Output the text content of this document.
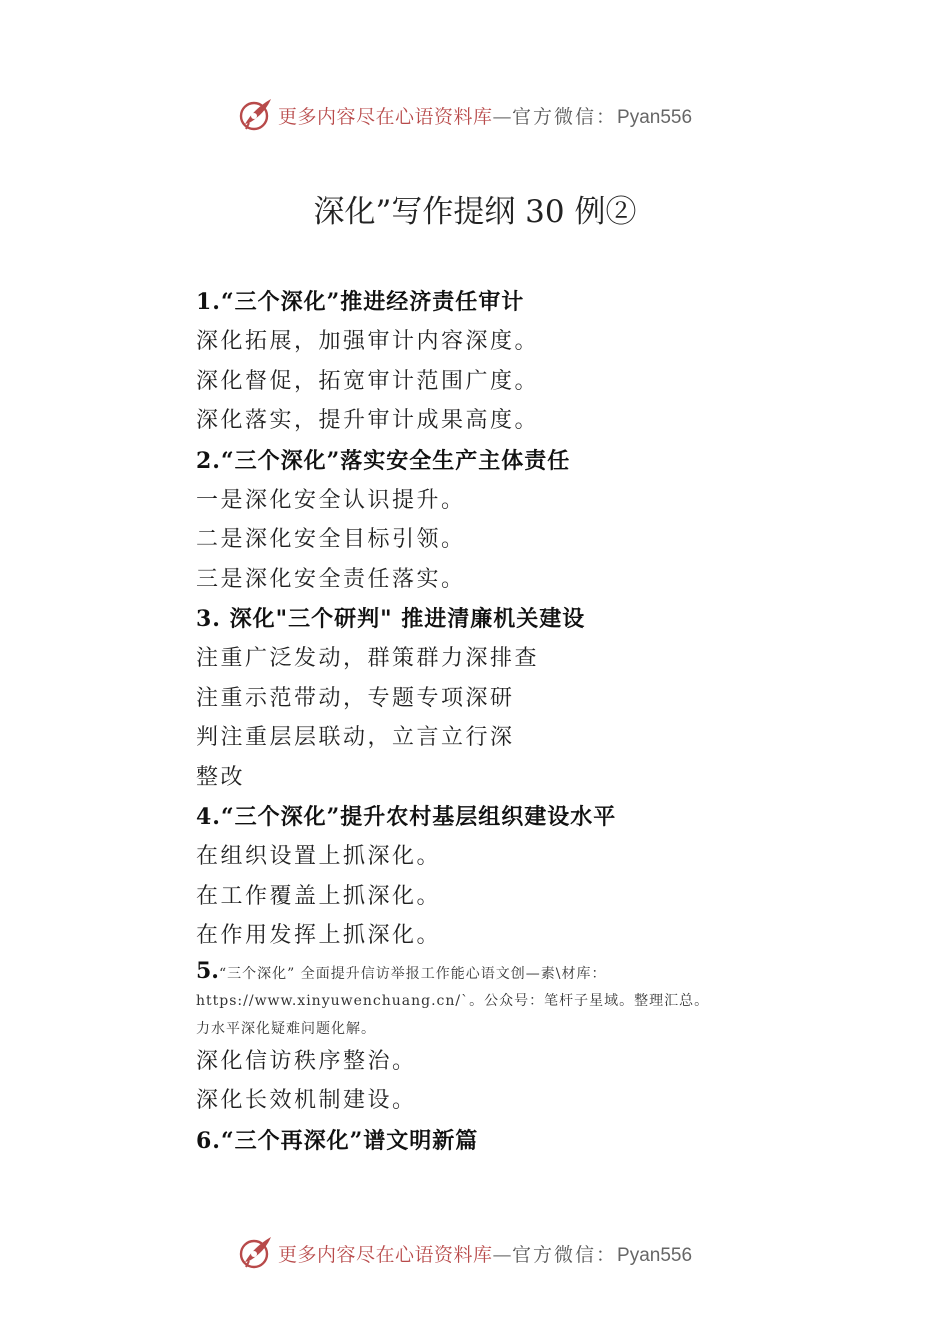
更多内容尽在心语资料库—官方微信：Pyan556
深化”写作提纲 30 例②
1.“三个深化”推进经济责任审计
深化拓展，加强审计内容深度。
深化督促，拓宽审计范围广度。
深化落实，提升审计成果高度。
2.“三个深化”落实安全生产主体责任
一是深化安全认识提升。
二是深化安全目标引领。
三是深化安全责任落实。
3. 深化"三个研判" 推进清廉机关建设
注重广泛发动，群策群力深排查
注重示范带动，专题专项深研
判注重层层联动，立言立行深
整改
4.“三个深化”提升农村基层组织建设水平
在组织设置上抓深化。
在工作覆盖上抓深化。
在作用发挥上抓深化。
5.“三个深化” 全面提升信访举报工作能心语文创—素\材库：
https://www.xinyuwenchuang.cn/`。公众号：笔杆子星域。整理汇总。
力水平深化疑难问题化解。
深化信访秩序整治。
深化长效机制建设。
6.“三个再深化”谱文明新篇
更多内容尽在心语资料库—官方微信：Pyan556
